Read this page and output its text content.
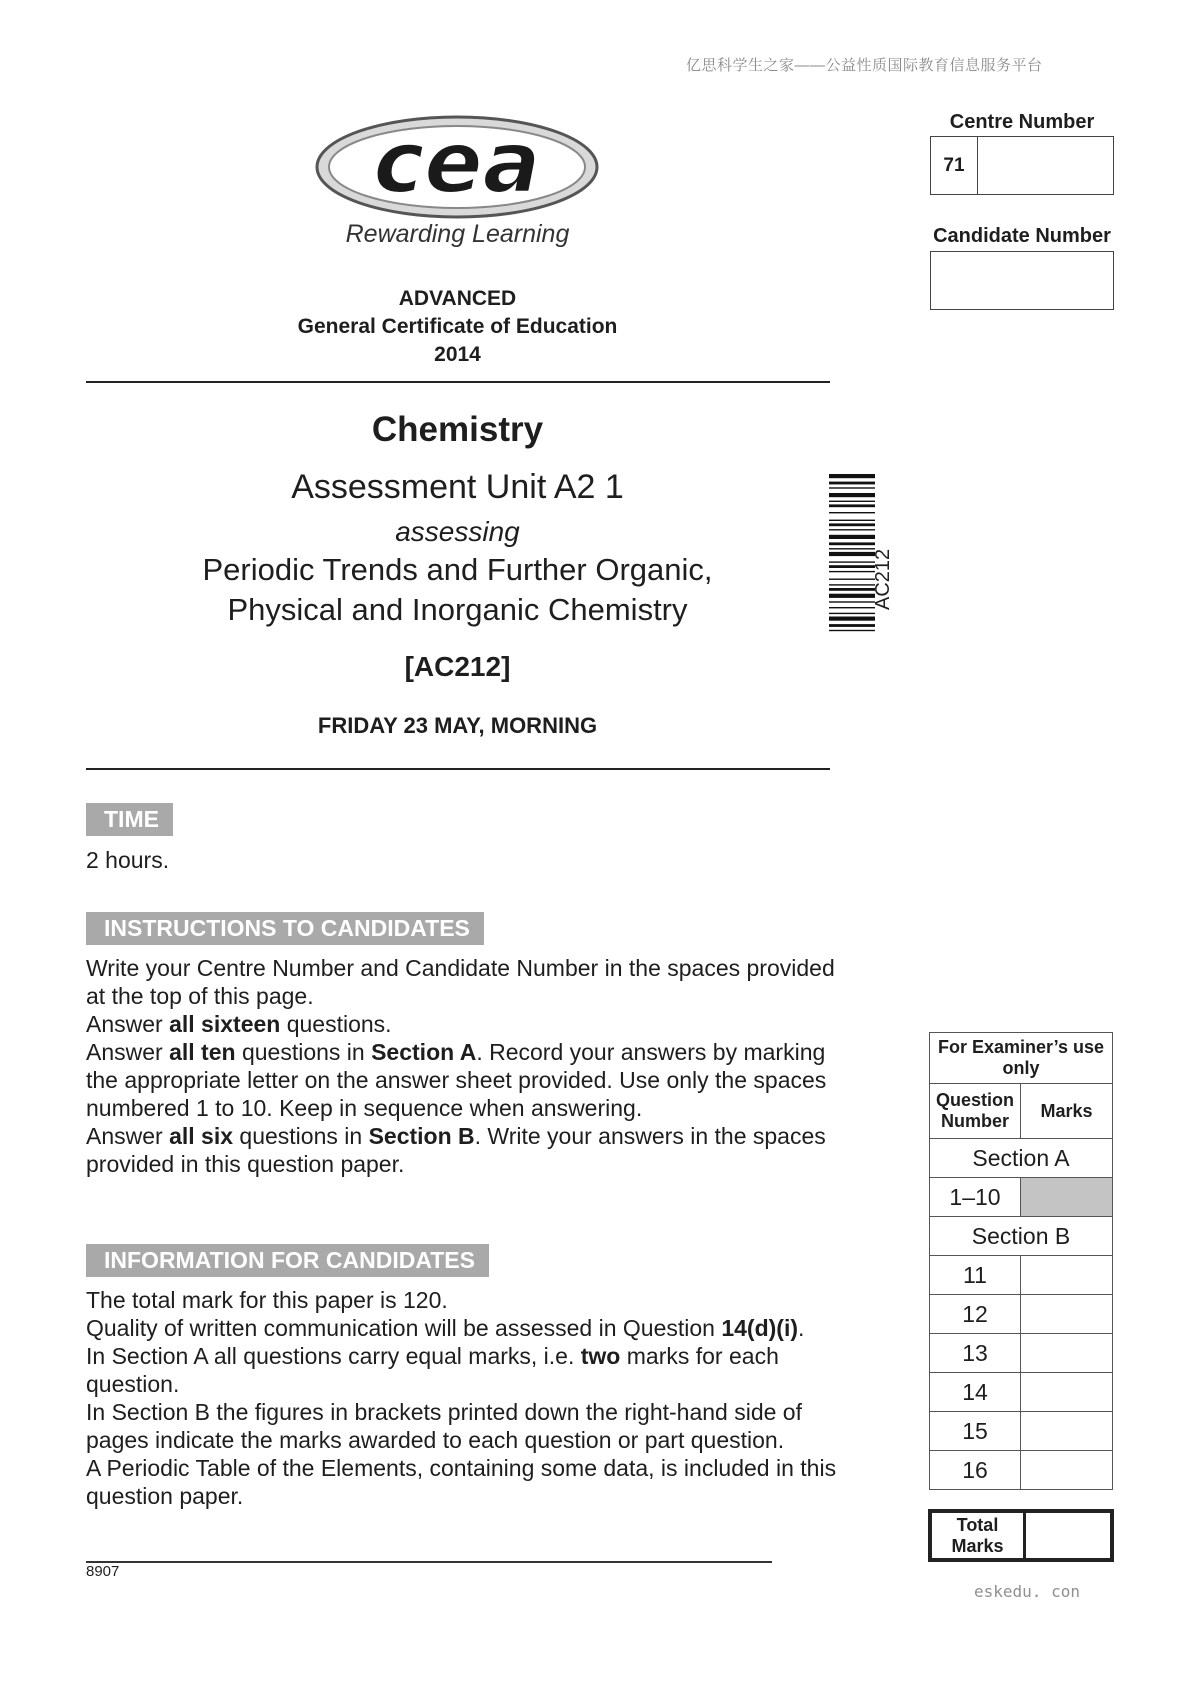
亿思科学生之家——公益性质国际教育信息服务平台
cea
Rewarding Learning
ADVANCED
General Certificate of Education
2014
Chemistry
Assessment Unit A2 1
assessing
Periodic Trends and Further Organic,
Physical and Inorganic Chemistry
[AC212]
FRIDAY 23 MAY, MORNING
AC212
Centre Number
71
Candidate Number
TIME
2 hours.
INSTRUCTIONS TO CANDIDATES

Write your Centre Number and Candidate Number in the spaces provided at the top of this page.

Answer all sixteen questions.

Answer all ten questions in Section A. Record your answers by marking the appropriate letter on the answer sheet provided. Use only the spaces numbered 1 to 10. Keep in sequence when answering.

Answer all six questions in Section B. Write your answers in the spaces provided in this question paper.

INFORMATION FOR CANDIDATES

The total mark for this paper is 120.

Quality of written communication will be assessed in Question 14(d)(i).

In Section A all questions carry equal marks, i.e. two marks for each question.

In Section B the figures in brackets printed down the right-hand side of pages indicate the marks awarded to each question or part question.

A Periodic Table of the Elements, containing some data, is included in this question paper.

For Examiner’s use only	
Question Number	Marks
Section A	
1–10	
Section B	
11	
12	
13	
14	
15	
16	
Total Marks
8907
eskedu. con
